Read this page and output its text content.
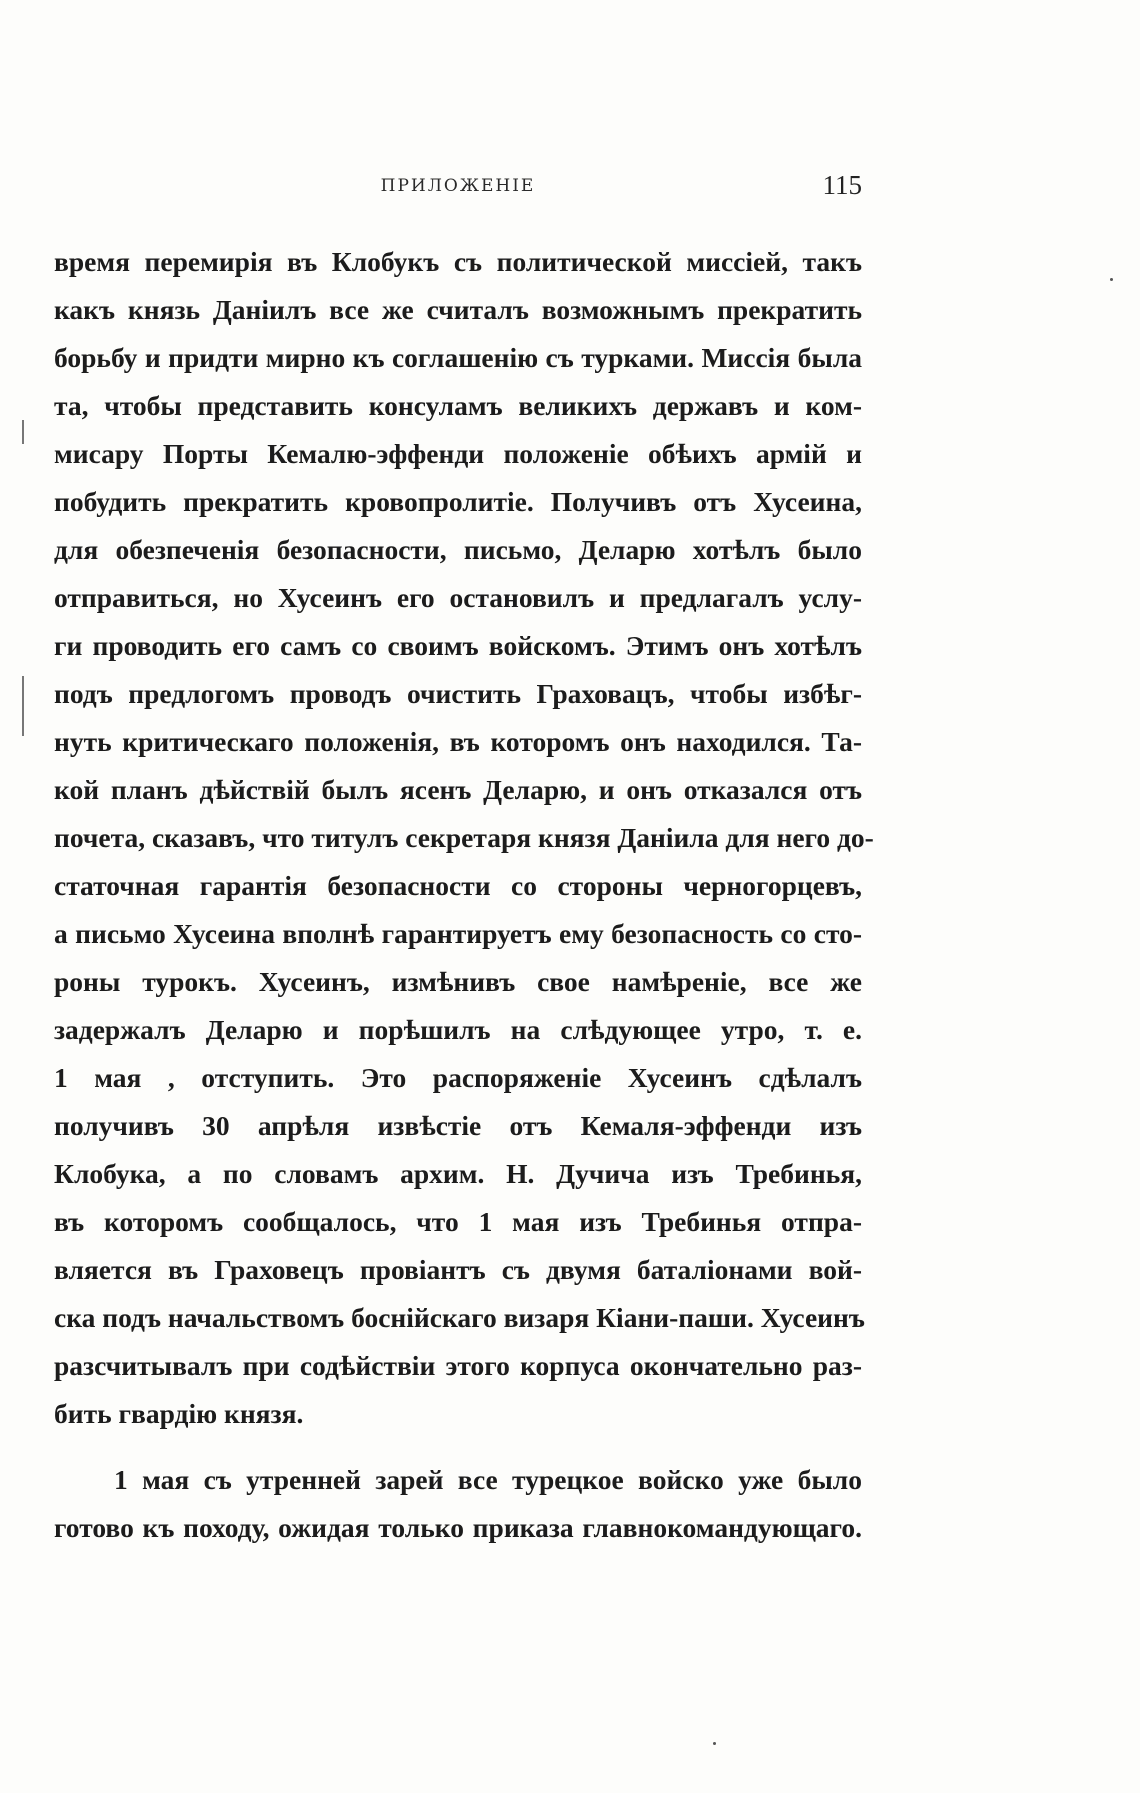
ПРИЛОЖЕНІЕ	115
время перемирія въ Клобукъ съ политической миссіей, такъ
какъ князь Даніилъ все же считалъ возможнымъ прекратить
борьбу и придти мирно къ соглашенію съ турками. Миссія была
та, чтобы представить консуламъ великихъ державъ и ком-
мисару Порты Кемалю-эффенди положеніе обѣихъ армій и
побудить прекратить кровопролитіе. Получивъ отъ Хусеина,
для обезпеченія безопасности, письмо, Деларю хотѣлъ было
отправиться, но Хусеинъ его остановилъ и предлагалъ услу-
ги проводить его самъ со своимъ войскомъ. Этимъ онъ хотѣлъ
подъ предлогомъ проводъ очистить Граховацъ, чтобы избѣг-
нуть критическаго положенія, въ которомъ онъ находился. Та-
кой планъ дѣйствій былъ ясенъ Деларю, и онъ отказался отъ
почета, сказавъ, что титулъ секретаря князя Даніила для него до-
статочная гарантія безопасности со стороны черногорцевъ,
а письмо Хусеина вполнѣ гарантируетъ ему безопасность со сто-
роны турокъ. Хусеинъ, измѣнивъ свое намѣреніе, все же
задержалъ Деларю и порѣшилъ на слѣдующее утро, т. е.
1 мая , отступить. Это распоряженіе Хусеинъ сдѣлалъ
получивъ 30 апрѣля извѣстіе отъ Кемаля-эффенди изъ
Клобука, а по словамъ архим. Н. Дучича изъ Требинья,
въ которомъ сообщалось, что 1 мая изъ Требинья отпра-
вляется въ Граховецъ провіантъ съ двумя баталіонами вой-
ска подъ начальствомъ боснійскаго визаря Кіани-паши. Хусеинъ
разсчитывалъ при содѣйствіи этого корпуса окончательно раз-
бить гвардію князя.
1 мая съ утренней зарей все турецкое войско уже было
готово къ походу, ожидая только приказа главнокомандующаго.
